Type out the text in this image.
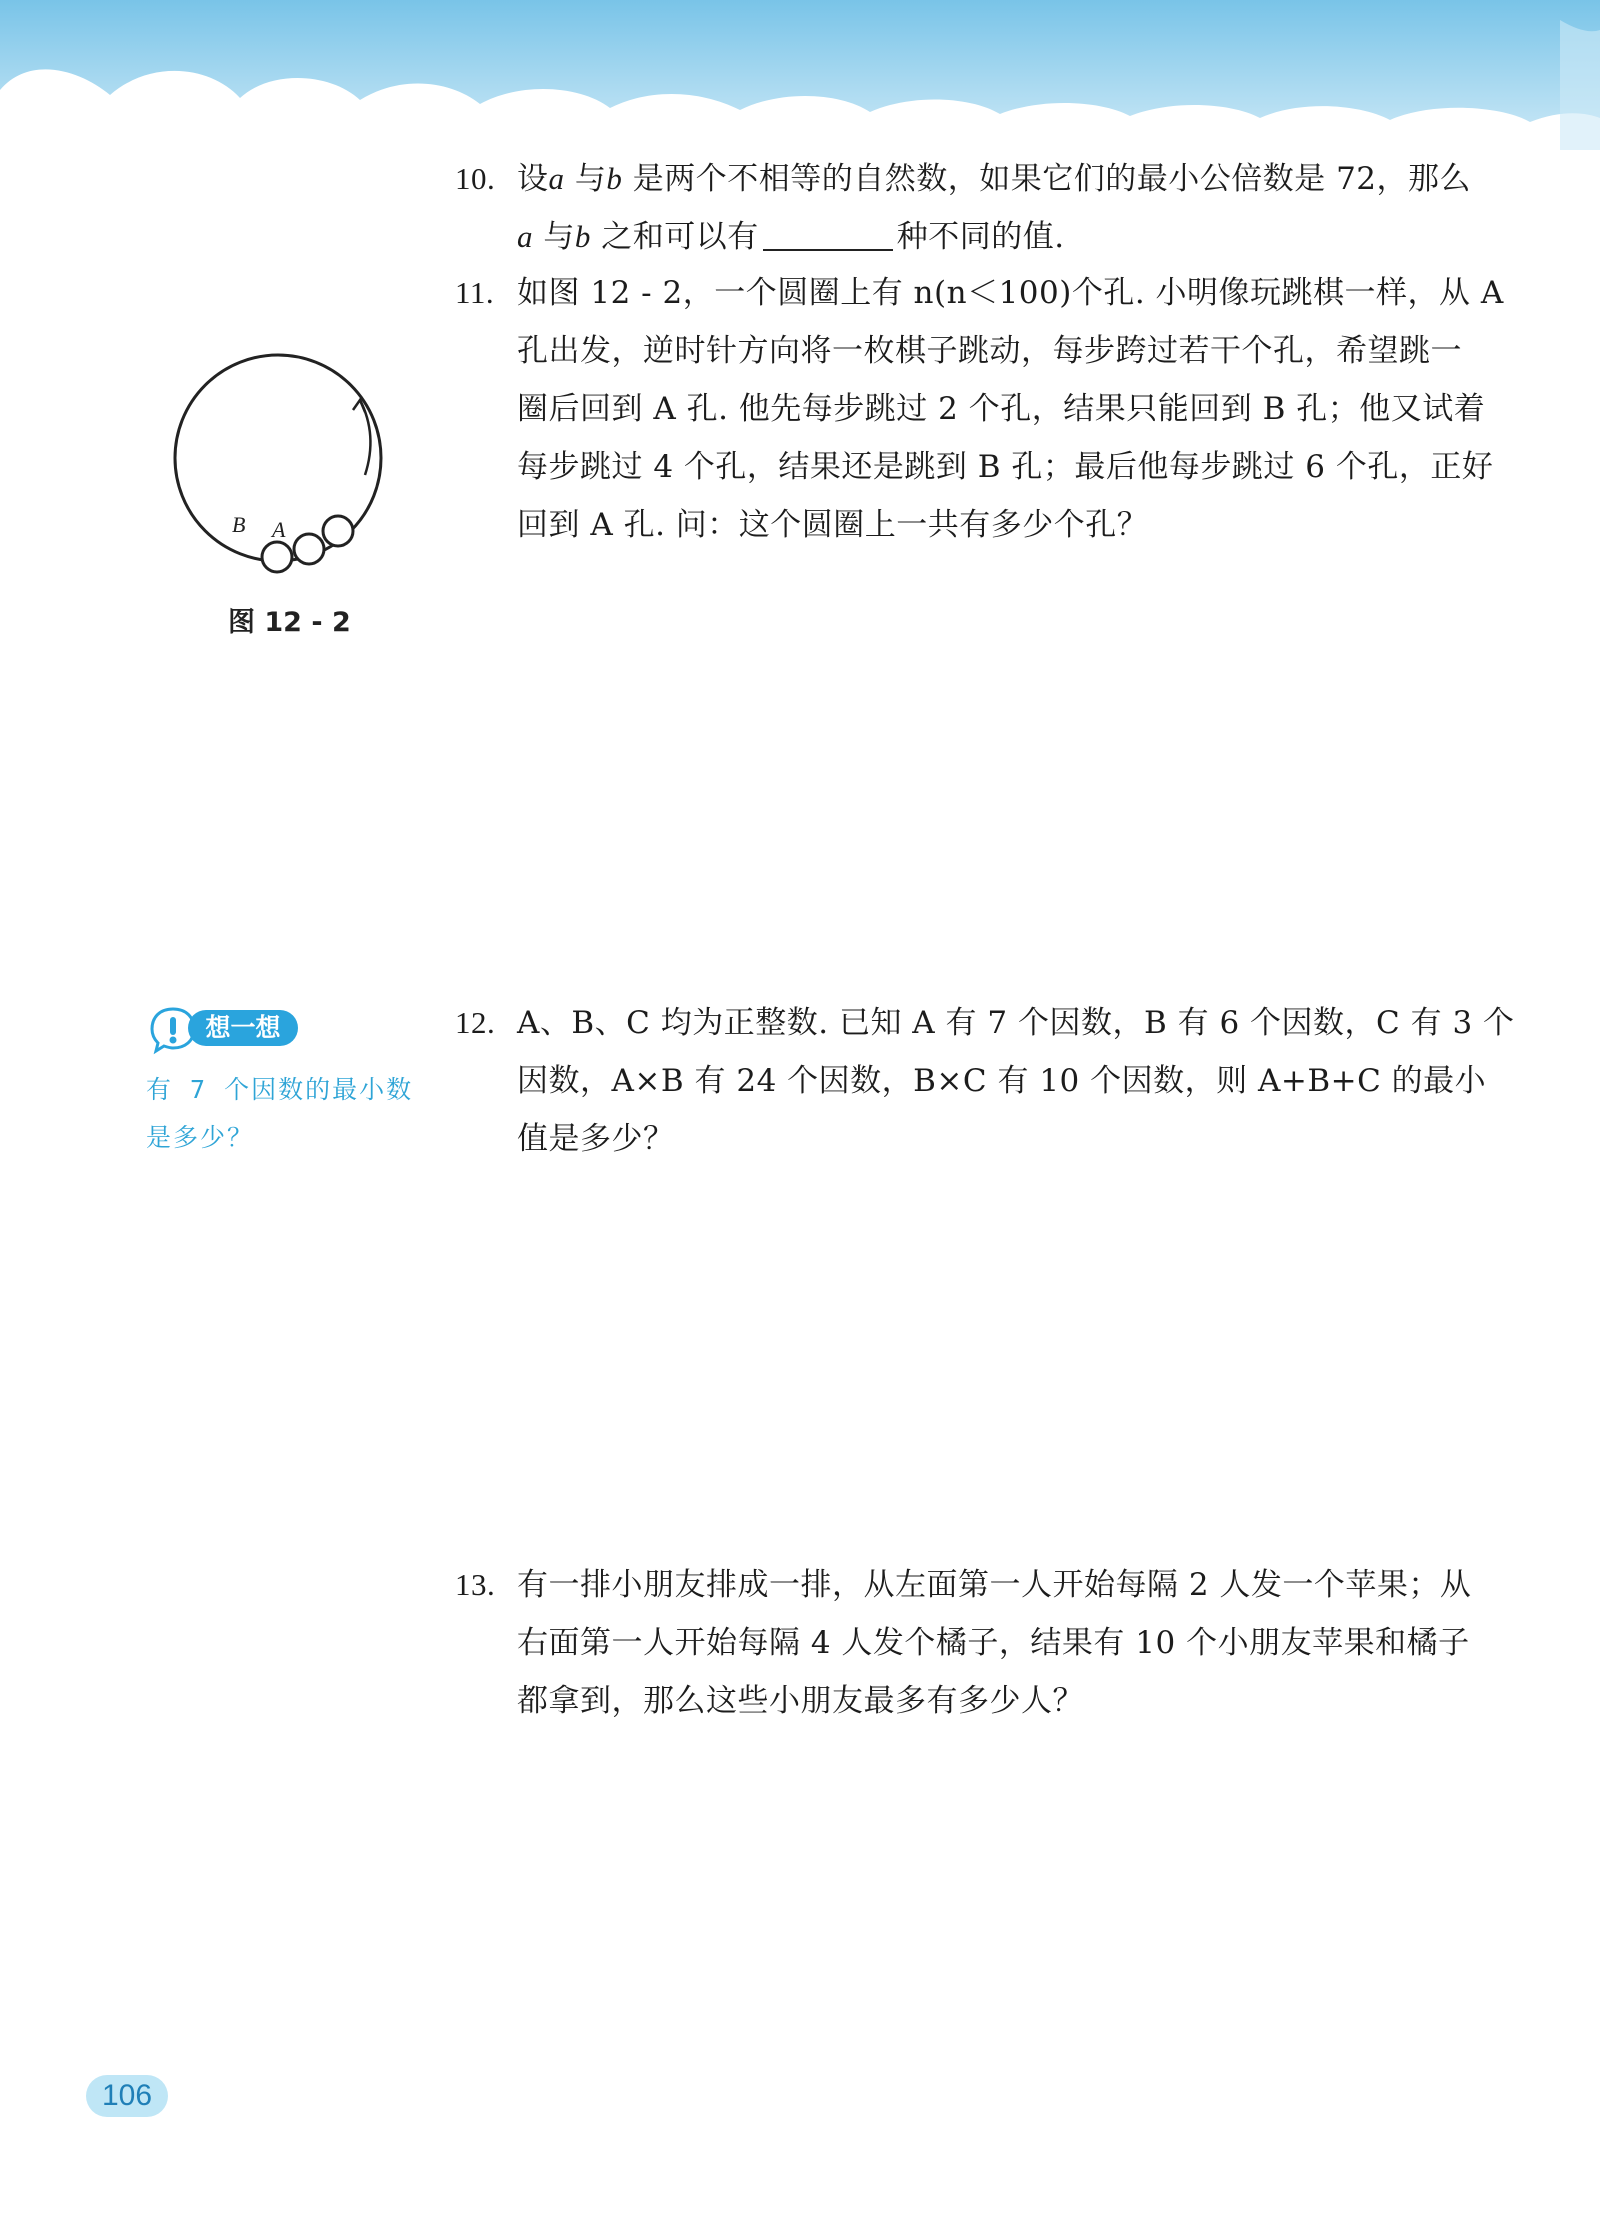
10. 设a 与b 是两个不相等的自然数，如果它们的最小公倍数是 72，那么
a 与b 之和可以有	种不同的值.
11. 如图 12 - 2，一个圆圈上有 n(n＜100)个孔. 小明像玩跳棋一样，从 A
孔出发，逆时针方向将一枚棋子跳动，每步跨过若干个孔，希望跳一
圈后回到 A 孔. 他先每步跳过 2 个孔，结果只能回到 B 孔；他又试着
每步跳过 4 个孔，结果还是跳到 B 孔；最后他每步跳过 6 个孔，正好
回到 A 孔. 问：这个圆圈上一共有多少个孔？
B A
图 12 - 2
想一想
有 7 个因数的最小数是多少？
12. A、B、C 均为正整数. 已知 A 有 7 个因数，B 有 6 个因数，C 有 3 个
因数，A×B 有 24 个因数，B×C 有 10 个因数，则 A+B+C 的最小
值是多少？
13. 有一排小朋友排成一排，从左面第一人开始每隔 2 人发一个苹果；从
右面第一人开始每隔 4 人发个橘子，结果有 10 个小朋友苹果和橘子
都拿到，那么这些小朋友最多有多少人？
106
